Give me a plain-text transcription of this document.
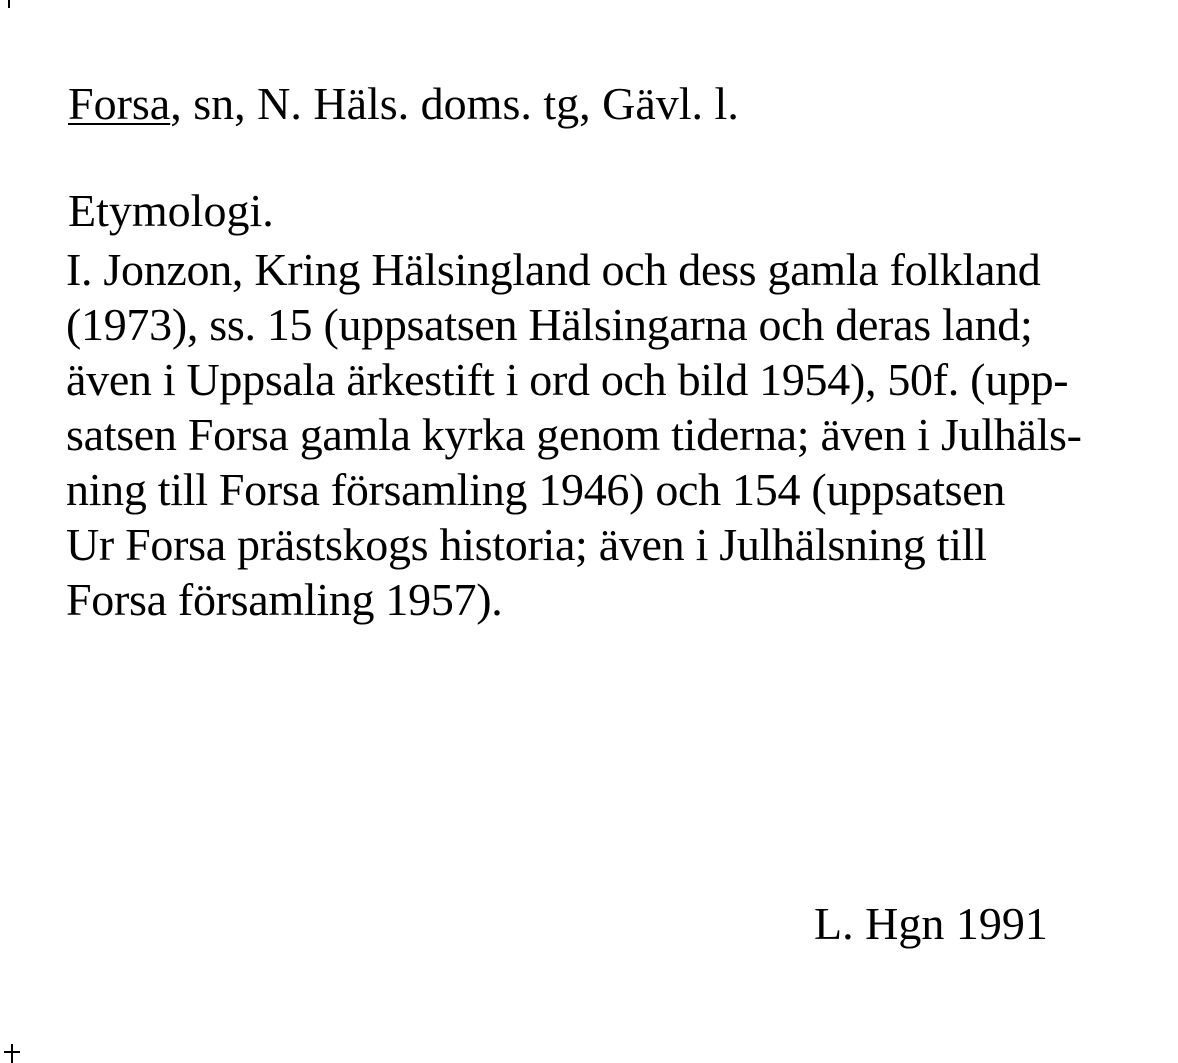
Forsa, sn, N. Häls. doms. tg, Gävl. l.
Etymologi.
I. Jonzon, Kring Hälsingland och dess gamla folkland
(1973), ss. 15 (uppsatsen Hälsingarna och deras land;
även i Uppsala ärkestift i ord och bild 1954), 50f. (upp-
satsen Forsa gamla kyrka genom tiderna; även i Julhäls-
ning till Forsa församling 1946) och 154 (uppsatsen
Ur Forsa prästskogs historia; även i Julhälsning till
Forsa församling 1957).
L. Hgn 1991
